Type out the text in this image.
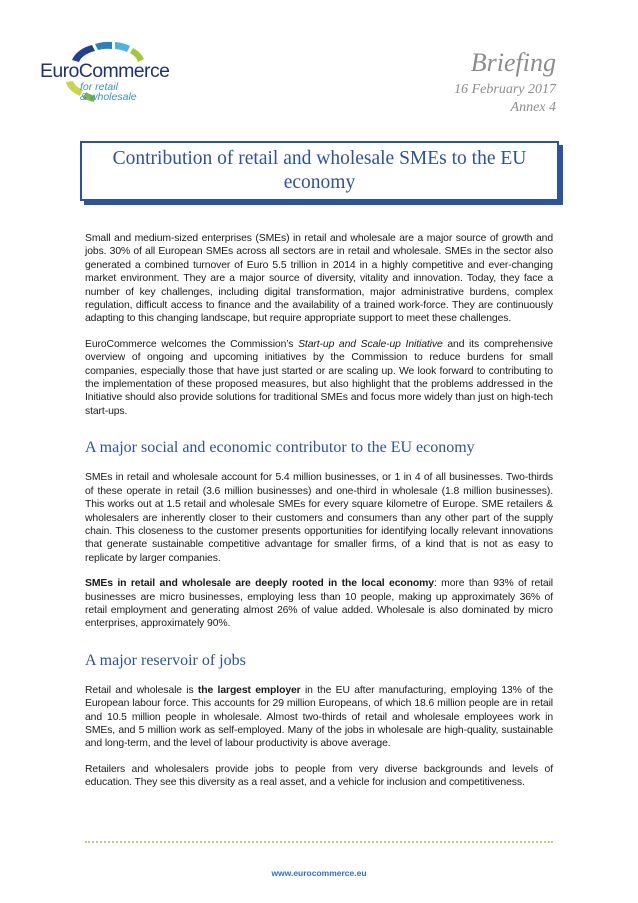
EuroCommerce
for retail
& wholesale
Briefing
16 February 2017
Annex 4
Contribution of retail and wholesale SMEs to the EU economy

Small and medium-sized enterprises (SMEs) in retail and wholesale are a major source of growth and jobs. 30% of all European SMEs across all sectors are in retail and wholesale. SMEs in the sector also generated a combined turnover of Euro 5.5 trillion in 2014 in a highly competitive and ever-changing market environment. They are a major source of diversity, vitality and innovation. Today, they face a number of key challenges, including digital transformation, major administrative burdens, complex regulation, difficult access to finance and the availability of a trained work-force. They are continuously adapting to this changing landscape, but require appropriate support to meet these challenges.

EuroCommerce welcomes the Commission’s Start-up and Scale-up Initiative and its comprehensive overview of ongoing and upcoming initiatives by the Commission to reduce burdens for small companies, especially those that have just started or are scaling up. We look forward to contributing to the implementation of these proposed measures, but also highlight that the problems addressed in the Initiative should also provide solutions for traditional SMEs and focus more widely than just on high-tech start-ups.

A major social and economic contributor to the EU economy

SMEs in retail and wholesale account for 5.4 million businesses, or 1 in 4 of all businesses. Two-thirds of these operate in retail (3.6 million businesses) and one-third in wholesale (1.8 million businesses). This works out at 1.5 retail and wholesale SMEs for every square kilometre of Europe. SME retailers & wholesalers are inherently closer to their customers and consumers than any other part of the supply chain. This closeness to the customer presents opportunities for identifying locally relevant innovations that generate sustainable competitive advantage for smaller firms, of a kind that is not as easy to replicate by larger companies.

SMEs in retail and wholesale are deeply rooted in the local economy: more than 93% of retail businesses are micro businesses, employing less than 10 people, making up approximately 36% of retail employment and generating almost 26% of value added. Wholesale is also dominated by micro enterprises, approximately 90%.

A major reservoir of jobs

Retail and wholesale is the largest employer in the EU after manufacturing, employing 13% of the European labour force. This accounts for 29 million Europeans, of which 18.6 million people are in retail and 10.5 million people in wholesale. Almost two-thirds of retail and wholesale employees work in SMEs, and 5 million work as self-employed. Many of the jobs in wholesale are high-quality, sustainable and long-term, and the level of labour productivity is above average.

Retailers and wholesalers provide jobs to people from very diverse backgrounds and levels of education. They see this diversity as a real asset, and a vehicle for inclusion and competitiveness.

www.eurocommerce.eu
